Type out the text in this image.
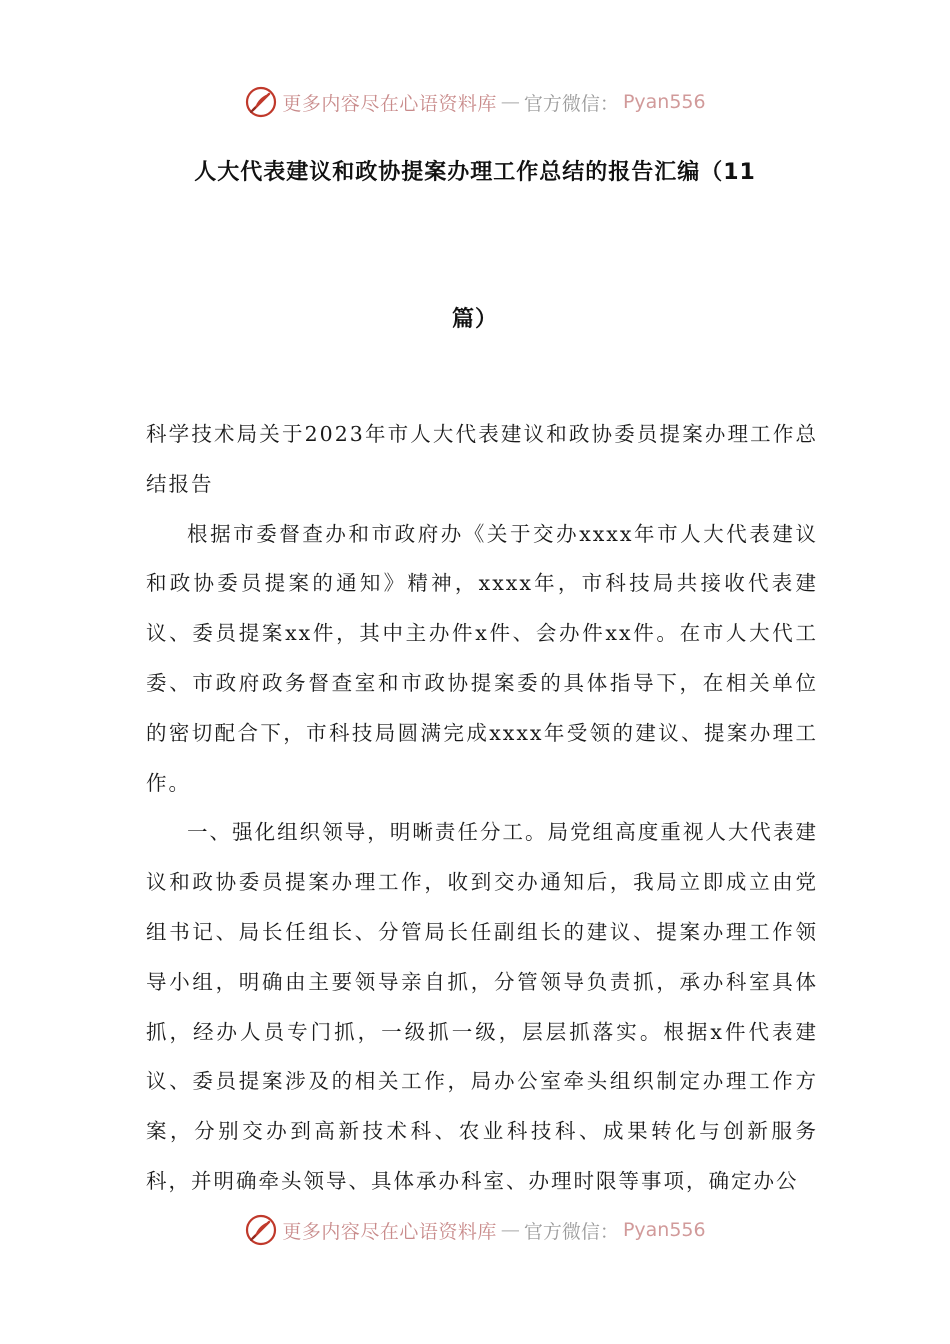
更多内容尽在心语资料库 — 官方微信： Pyan556
人大代表建议和政协提案办理工作总结的报告汇编（11
篇）

科学技术局关于2023年市人大代表建议和政协委员提案办理工作总结报告

根据市委督查办和市政府办《关于交办xxxx年市人大代表建议和政协委员提案的通知》精神，xxxx年，市科技局共接收代表建议、委员提案xx件，其中主办件x件、会办件xx件。在市人大代工委、市政府政务督查室和市政协提案委的具体指导下，在相关单位的密切配合下，市科技局圆满完成xxxx年受领的建议、提案办理工作。

一、强化组织领导，明晰责任分工。局党组高度重视人大代表建议和政协委员提案办理工作，收到交办通知后，我局立即成立由党组书记、局长任组长、分管局长任副组长的建议、提案办理工作领导小组，明确由主要领导亲自抓，分管领导负责抓，承办科室具体抓，经办人员专门抓，一级抓一级，层层抓落实。根据x件代表建议、委员提案涉及的相关工作，局办公室牵头组织制定办理工作方案，分别交办到高新技术科、农业科技科、成果转化与创新服务科，并明确牵头领导、具体承办科室、办理时限等事项，确定办公

更多内容尽在心语资料库 — 官方微信： Pyan556
